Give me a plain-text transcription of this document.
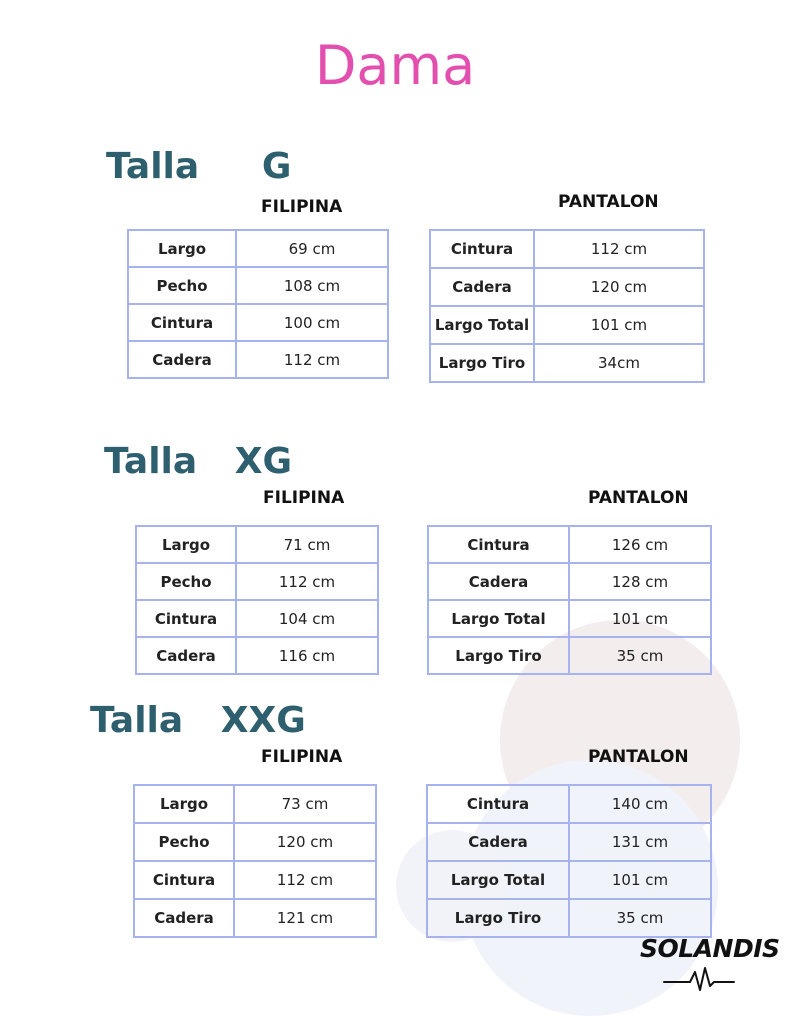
Dama
Talla     G
FILIPINA	PANTALON
Largo	69 cm
Pecho	108 cm
Cintura	100 cm
Cadera	112 cm
Cintura	112 cm
Cadera	120 cm
Largo Total	101 cm
Largo Tiro	34cm
Talla   XG
FILIPINA	PANTALON
Largo	71 cm
Pecho	112 cm
Cintura	104 cm
Cadera	116 cm
Cintura	126 cm
Cadera	128 cm
Largo Total	101 cm
Largo Tiro	35 cm
Talla   XXG
FILIPINA	PANTALON
Largo	73 cm
Pecho	120 cm
Cintura	112 cm
Cadera	121 cm
Cintura	140 cm
Cadera	131 cm
Largo Total	101 cm
Largo Tiro	35 cm
SOLANDIS
